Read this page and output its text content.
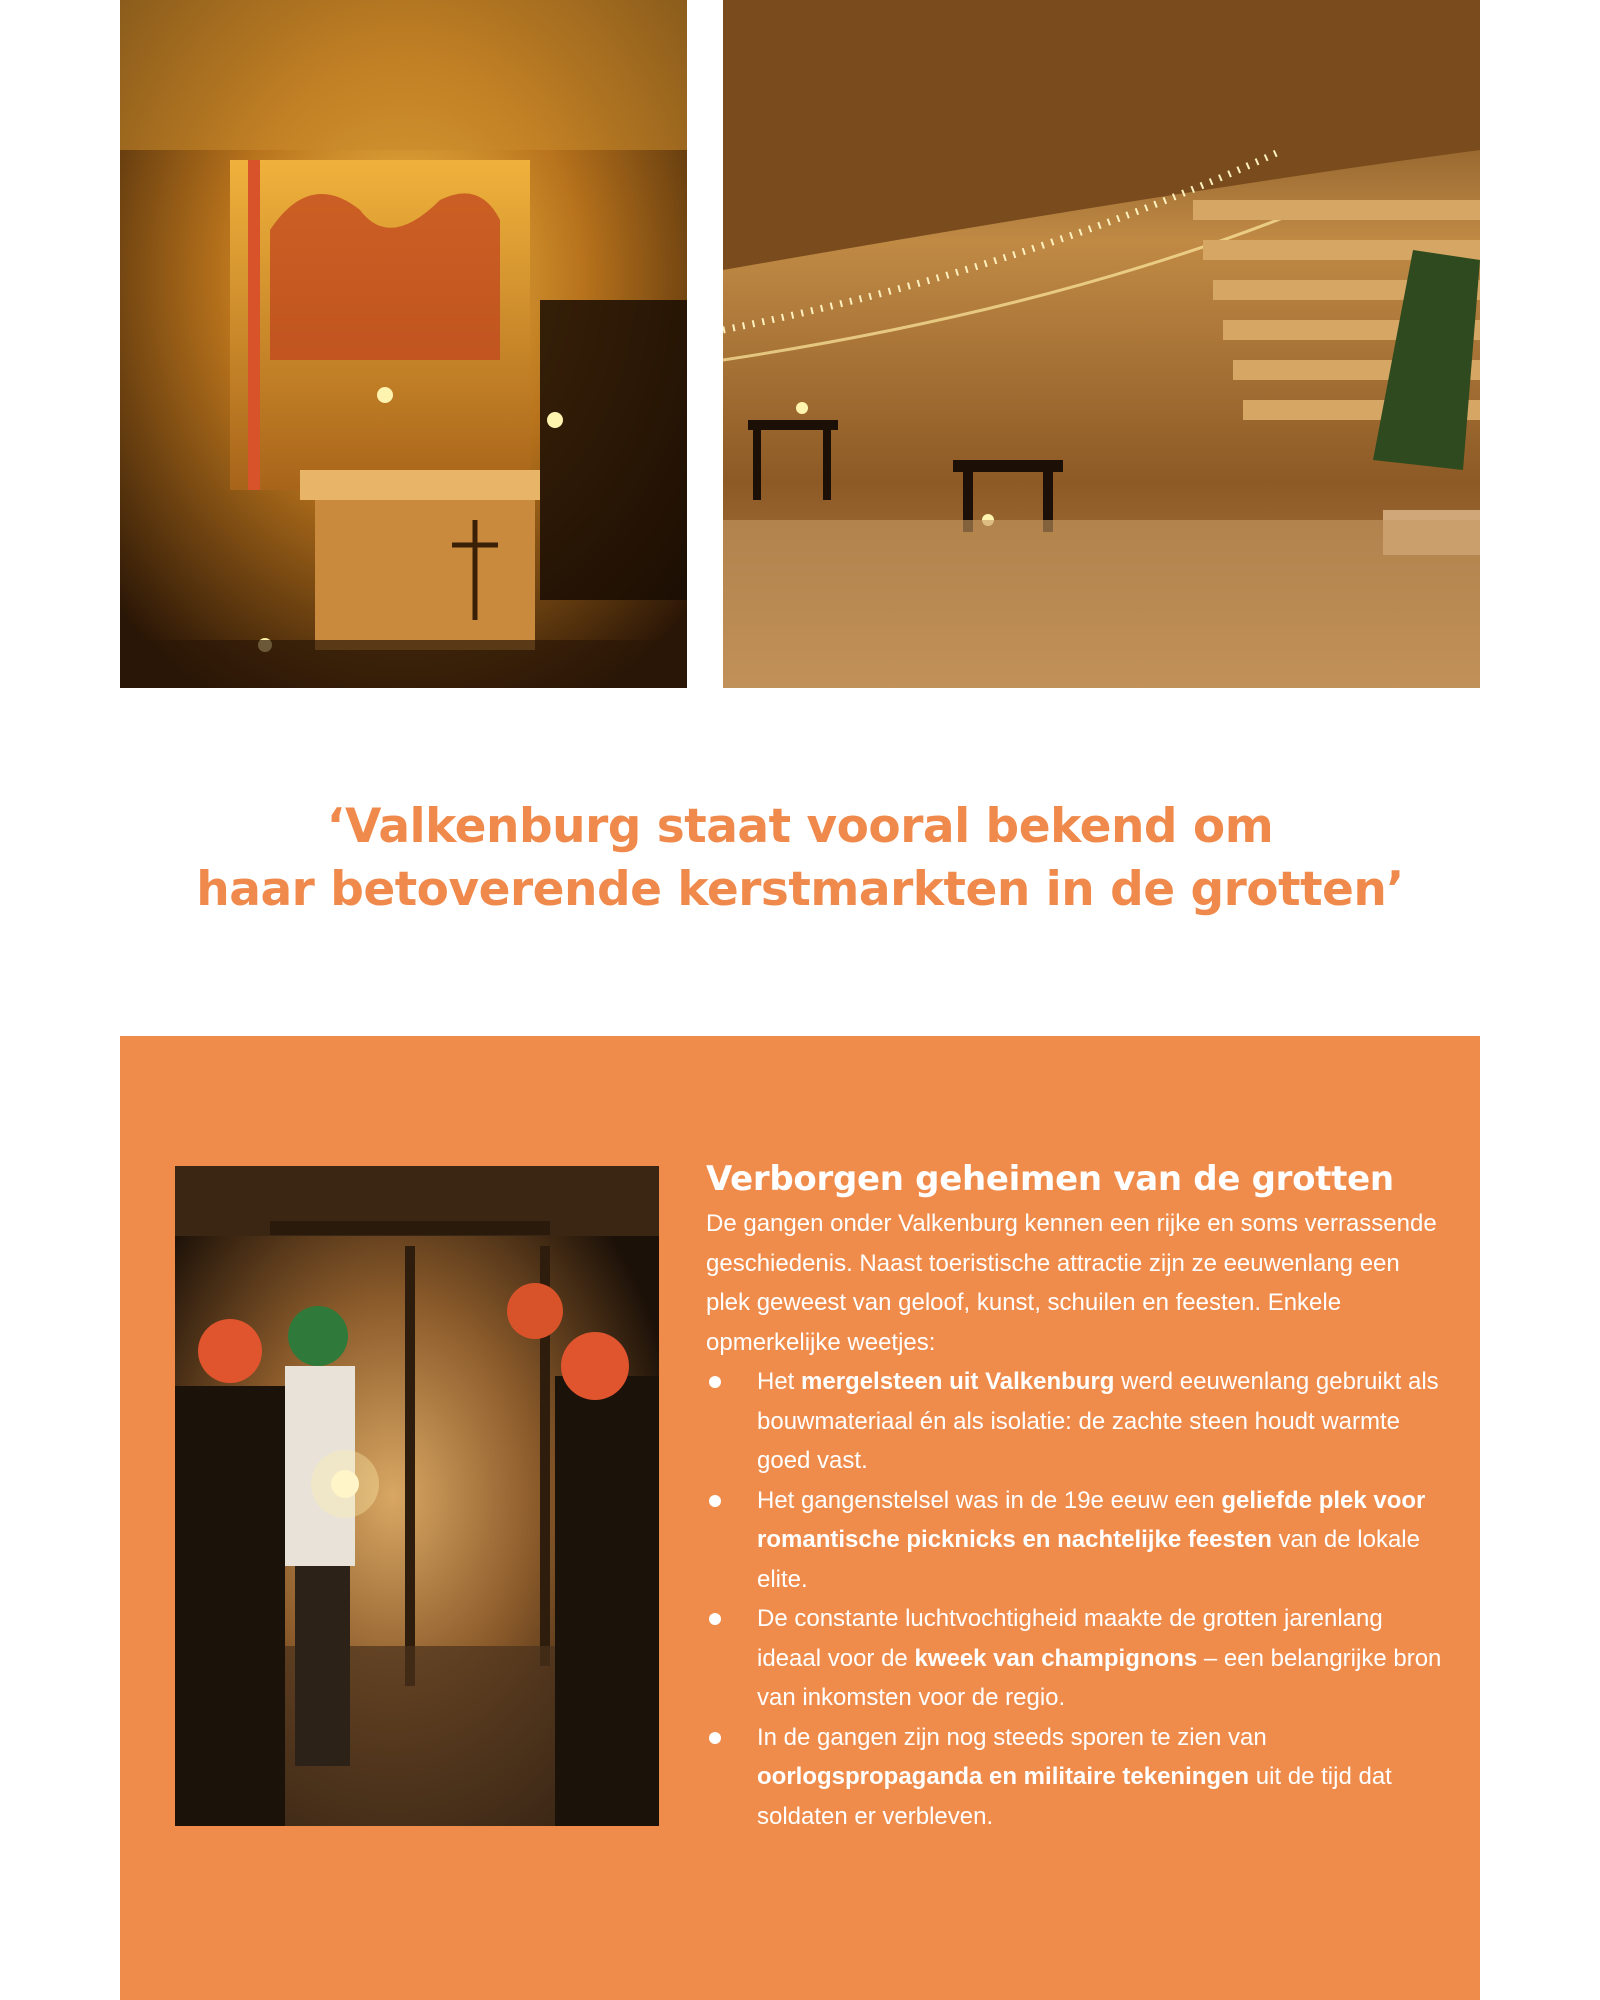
‘Valkenburg staat vooral bekend om
haar betoverende kerstmarkten in de grotten’
Verborgen geheimen van de grotten

De gangen onder Valkenburg kennen een rijke en soms verrassende geschiedenis. Naast toeristische attractie zijn ze eeuwenlang een plek geweest van geloof, kunst, schuilen en feesten. Enkele opmerkelijke weetjes:

Het mergelsteen uit Valkenburg werd eeuwenlang gebruikt als bouwmateriaal én als isolatie: de zachte steen houdt warmte goed vast.
Het gangenstelsel was in de 19e eeuw een geliefde plek voor romantische picknicks en nachtelijke feesten van de lokale elite.
De constante luchtvochtigheid maakte de grotten jarenlang ideaal voor de kweek van champignons – een belangrijke bron van inkomsten voor de regio.
In de gangen zijn nog steeds sporen te zien van oorlogspropaganda en militaire tekeningen uit de tijd dat soldaten er verbleven.
